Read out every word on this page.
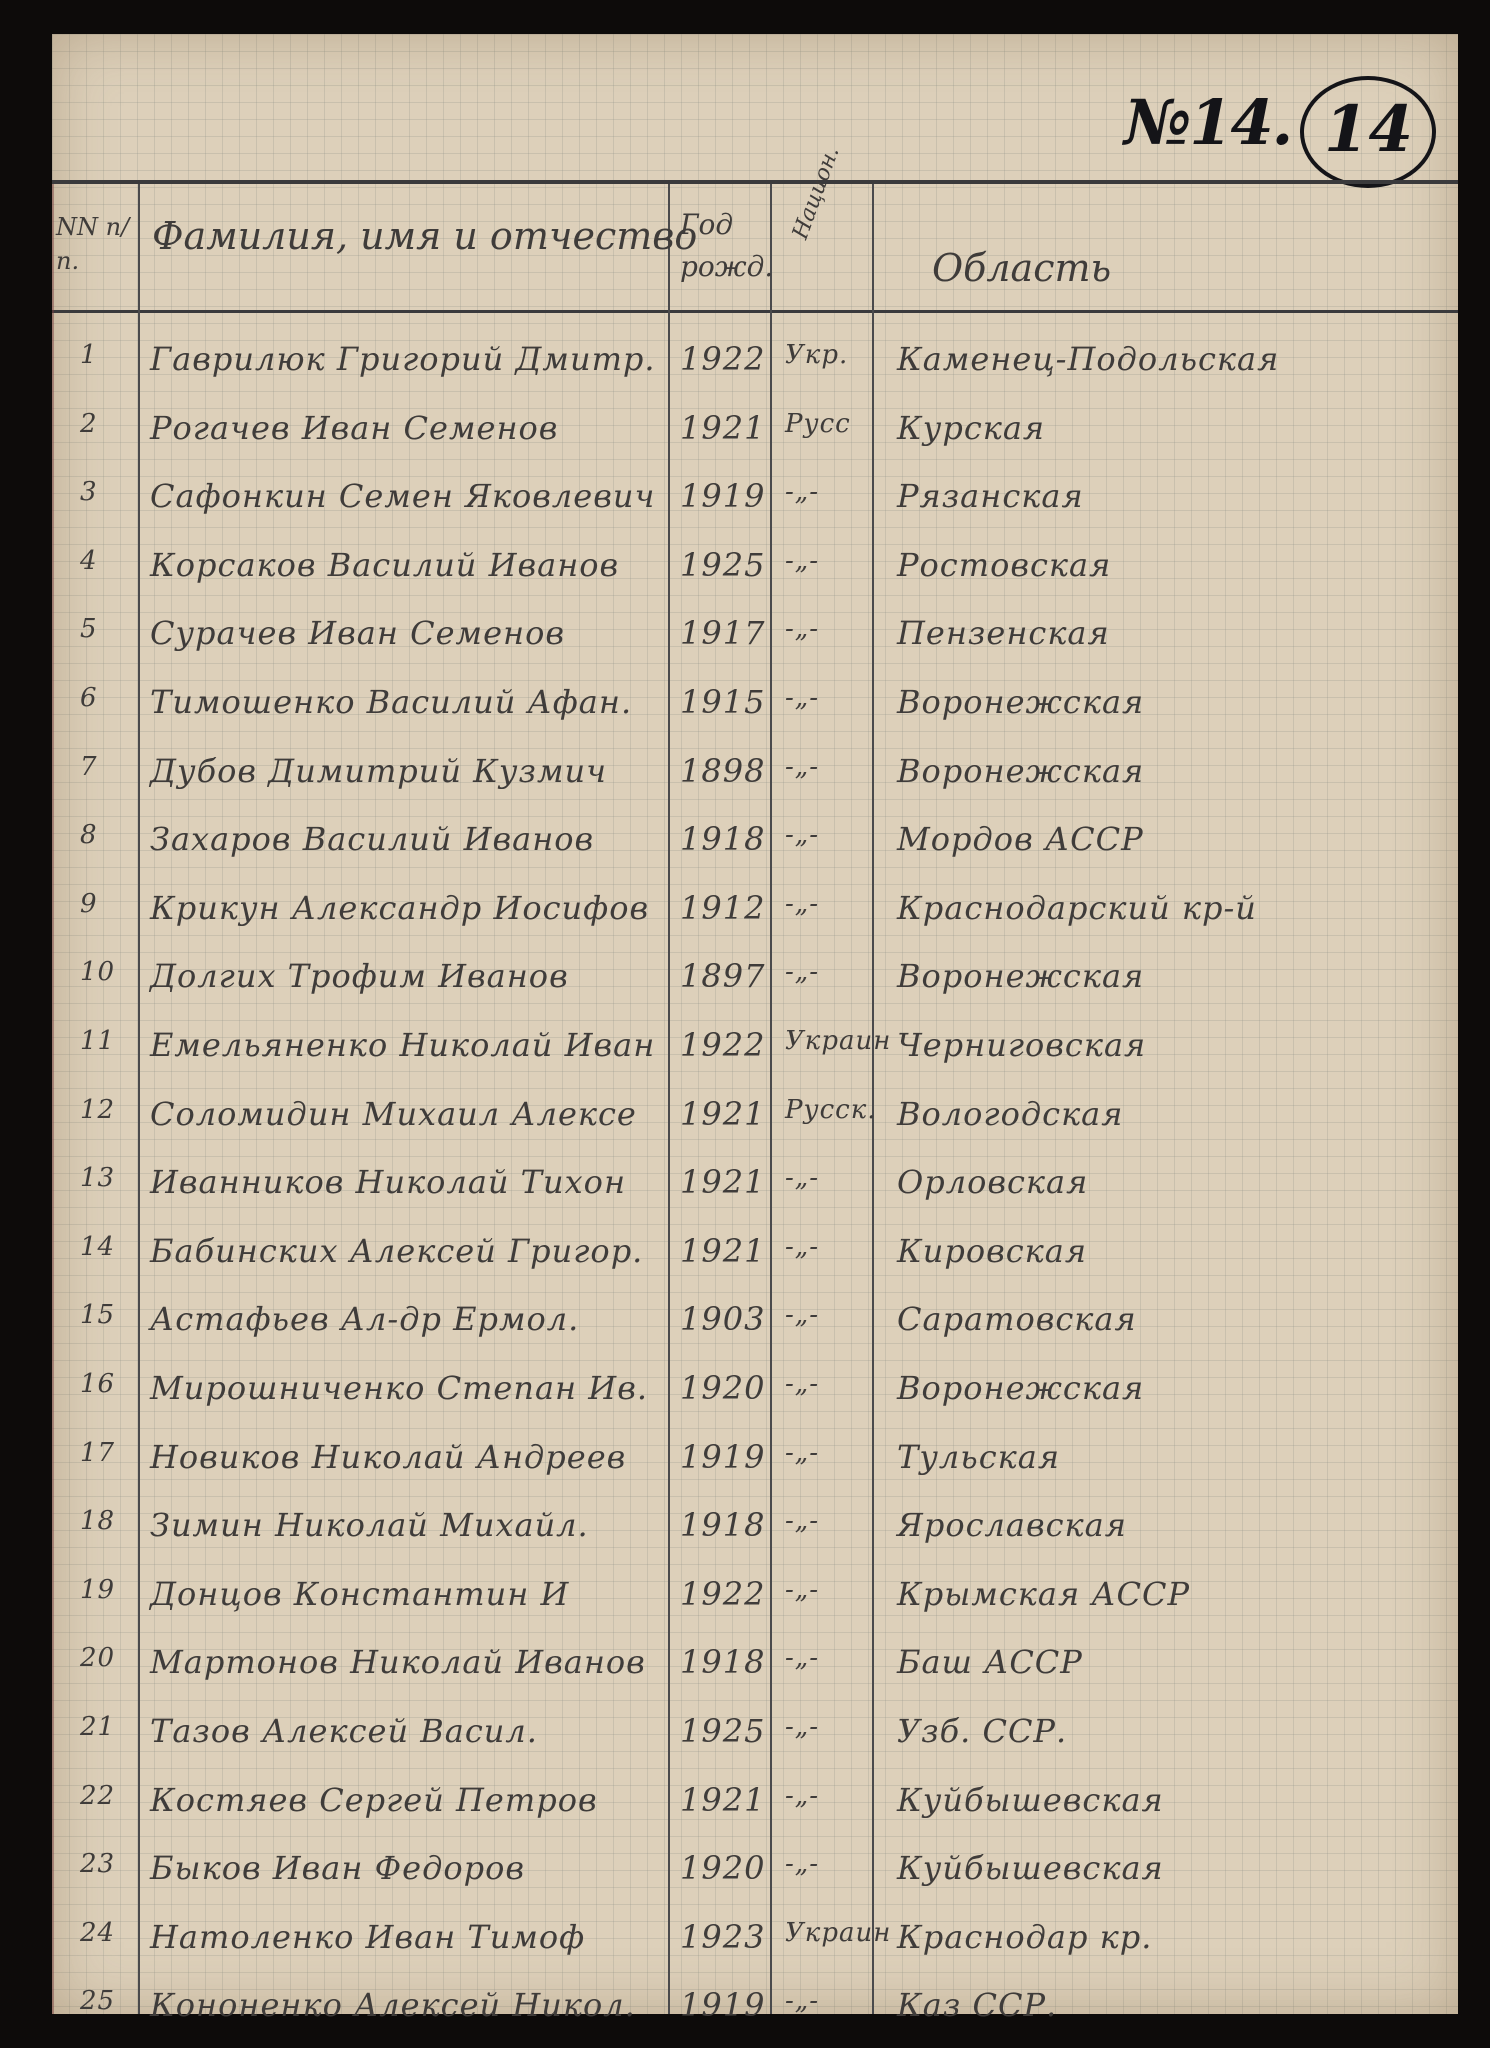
№14. 14
NN п/п.
Фамилия, имя и отчество
Год рожд.
Национ.
Область
1	Гаврилюк Григорий Дмитр. 1922 Укр.	Каменец-Подольская
2	Рогачев Иван Семенов	1921 Русс	Курская
3	Сафонкин Семен Яковлевич 1919 -„-	Рязанская
4	Корсаков Василий Иванов	1925 -„-	Ростовская
5	Сурачев Иван Семенов	1917 -„-	Пензенская
6	Тимошенко Василий Афан.	1915 -„-	Воронежская
7	Дубов Димитрий Кузмич	1898 -„-	Воронежская
8	Захаров Василий Иванов	1918 -„-	Мордов АССР
9	Крикун Александр Иосифов 1912 -„-	Краснодарский кр-й
10	Долгих Трофим Иванов	1897 -„-	Воронежская
11	Емельяненко Николай Иван 1922 Украин Черниговская
12	Соломидин Михаил Алексе	1921 Русск. Вологодская
13	Иванников Николай Тихон	1921 -„-	Орловская
14	Бабинских Алексей Григор.	1921 -„-	Кировская
15	Астафьев Ал-др Ермол.	1903 -„-	Саратовская
16	Мирошниченко Степан Ив.	1920 -„-	Воронежская
17	Новиков Николай Андреев	1919 -„-	Тульская
18	Зимин Николай Михайл.	1918 -„-	Ярославская
19	Донцов Константин И	1922 -„-	Крымская АССР
20	Мартонов Николай Иванов	1918 -„-	Баш АССР
21	Тазов Алексей Васил.	1925 -„-	Узб. ССР.
22	Костяев Сергей Петров	1921 -„-	Куйбышевская
23	Быков Иван Федоров	1920 -„-	Куйбышевская
24	Натоленко Иван Тимоф	1923 Украин Краснодар кр.
25	Кононенко Алексей Никол.	1919 -„-	Каз ССР.
